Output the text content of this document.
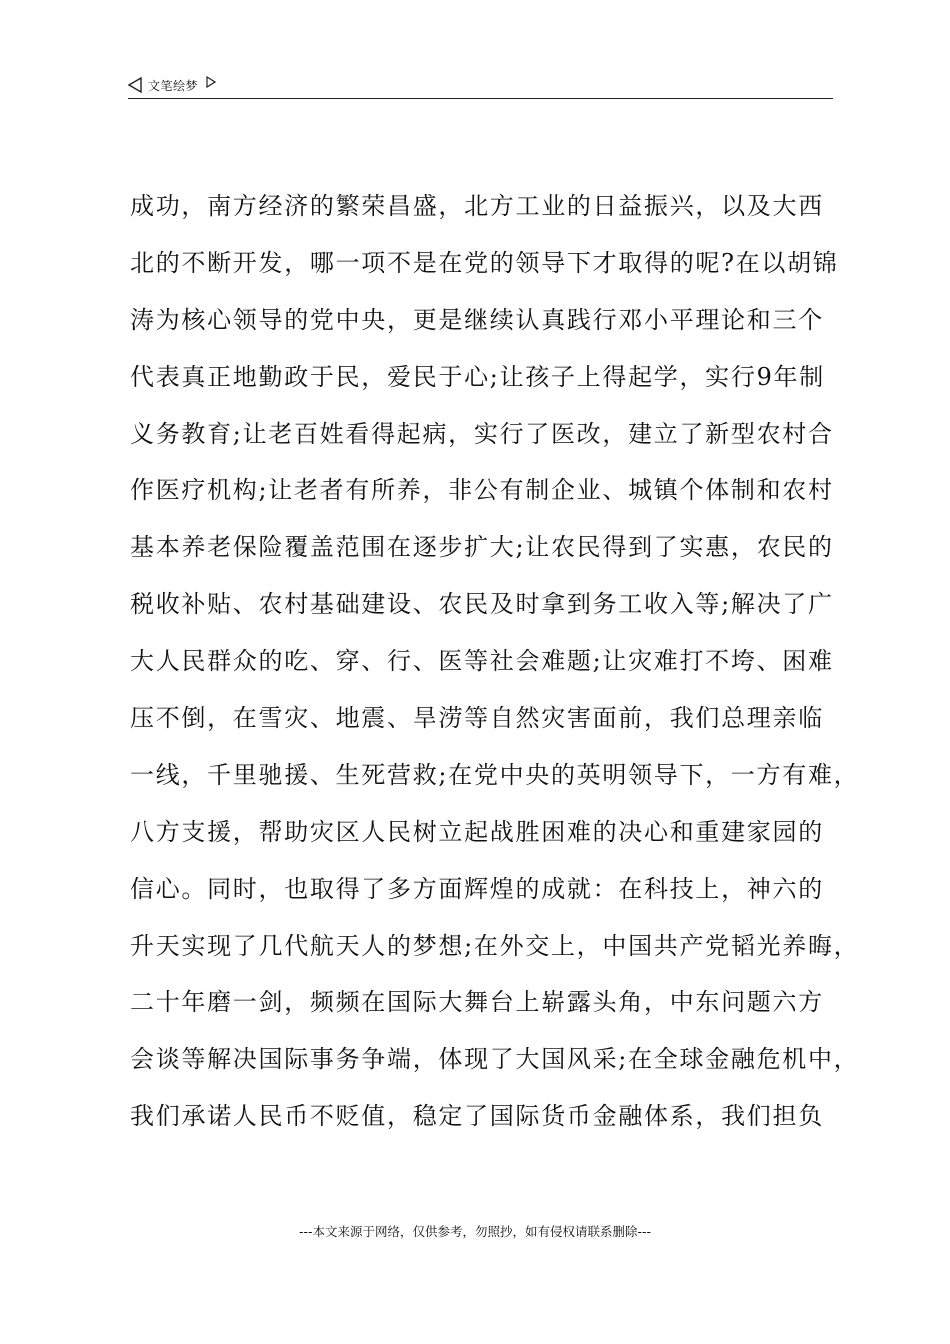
文笔绘梦
成功，南方经济的繁荣昌盛，北方工业的日益振兴，以及大西
北的不断开发，哪一项不是在党的领导下才取得的呢?在以胡锦
涛为核心领导的党中央，更是继续认真践行邓小平理论和三个
代表真正地勤政于民，爱民于心;让孩子上得起学，实行9年制
义务教育;让老百姓看得起病，实行了医改，建立了新型农村合
作医疗机构;让老者有所养，非公有制企业、城镇个体制和农村
基本养老保险覆盖范围在逐步扩大;让农民得到了实惠，农民的
税收补贴、农村基础建设、农民及时拿到务工收入等;解决了广
大人民群众的吃、穿、行、医等社会难题;让灾难打不垮、困难
压不倒，在雪灾、地震、旱涝等自然灾害面前，我们总理亲临
一线，千里驰援、生死营救;在党中央的英明领导下，一方有难，
八方支援，帮助灾区人民树立起战胜困难的决心和重建家园的
信心。同时，也取得了多方面辉煌的成就：在科技上，神六的
升天实现了几代航天人的梦想;在外交上，中国共产党韬光养晦，
二十年磨一剑，频频在国际大舞台上崭露头角，中东问题六方
会谈等解决国际事务争端，体现了大国风采;在全球金融危机中，
我们承诺人民币不贬值，稳定了国际货币金融体系，我们担负
---本文来源于网络，仅供参考，勿照抄，如有侵权请联系删除---
